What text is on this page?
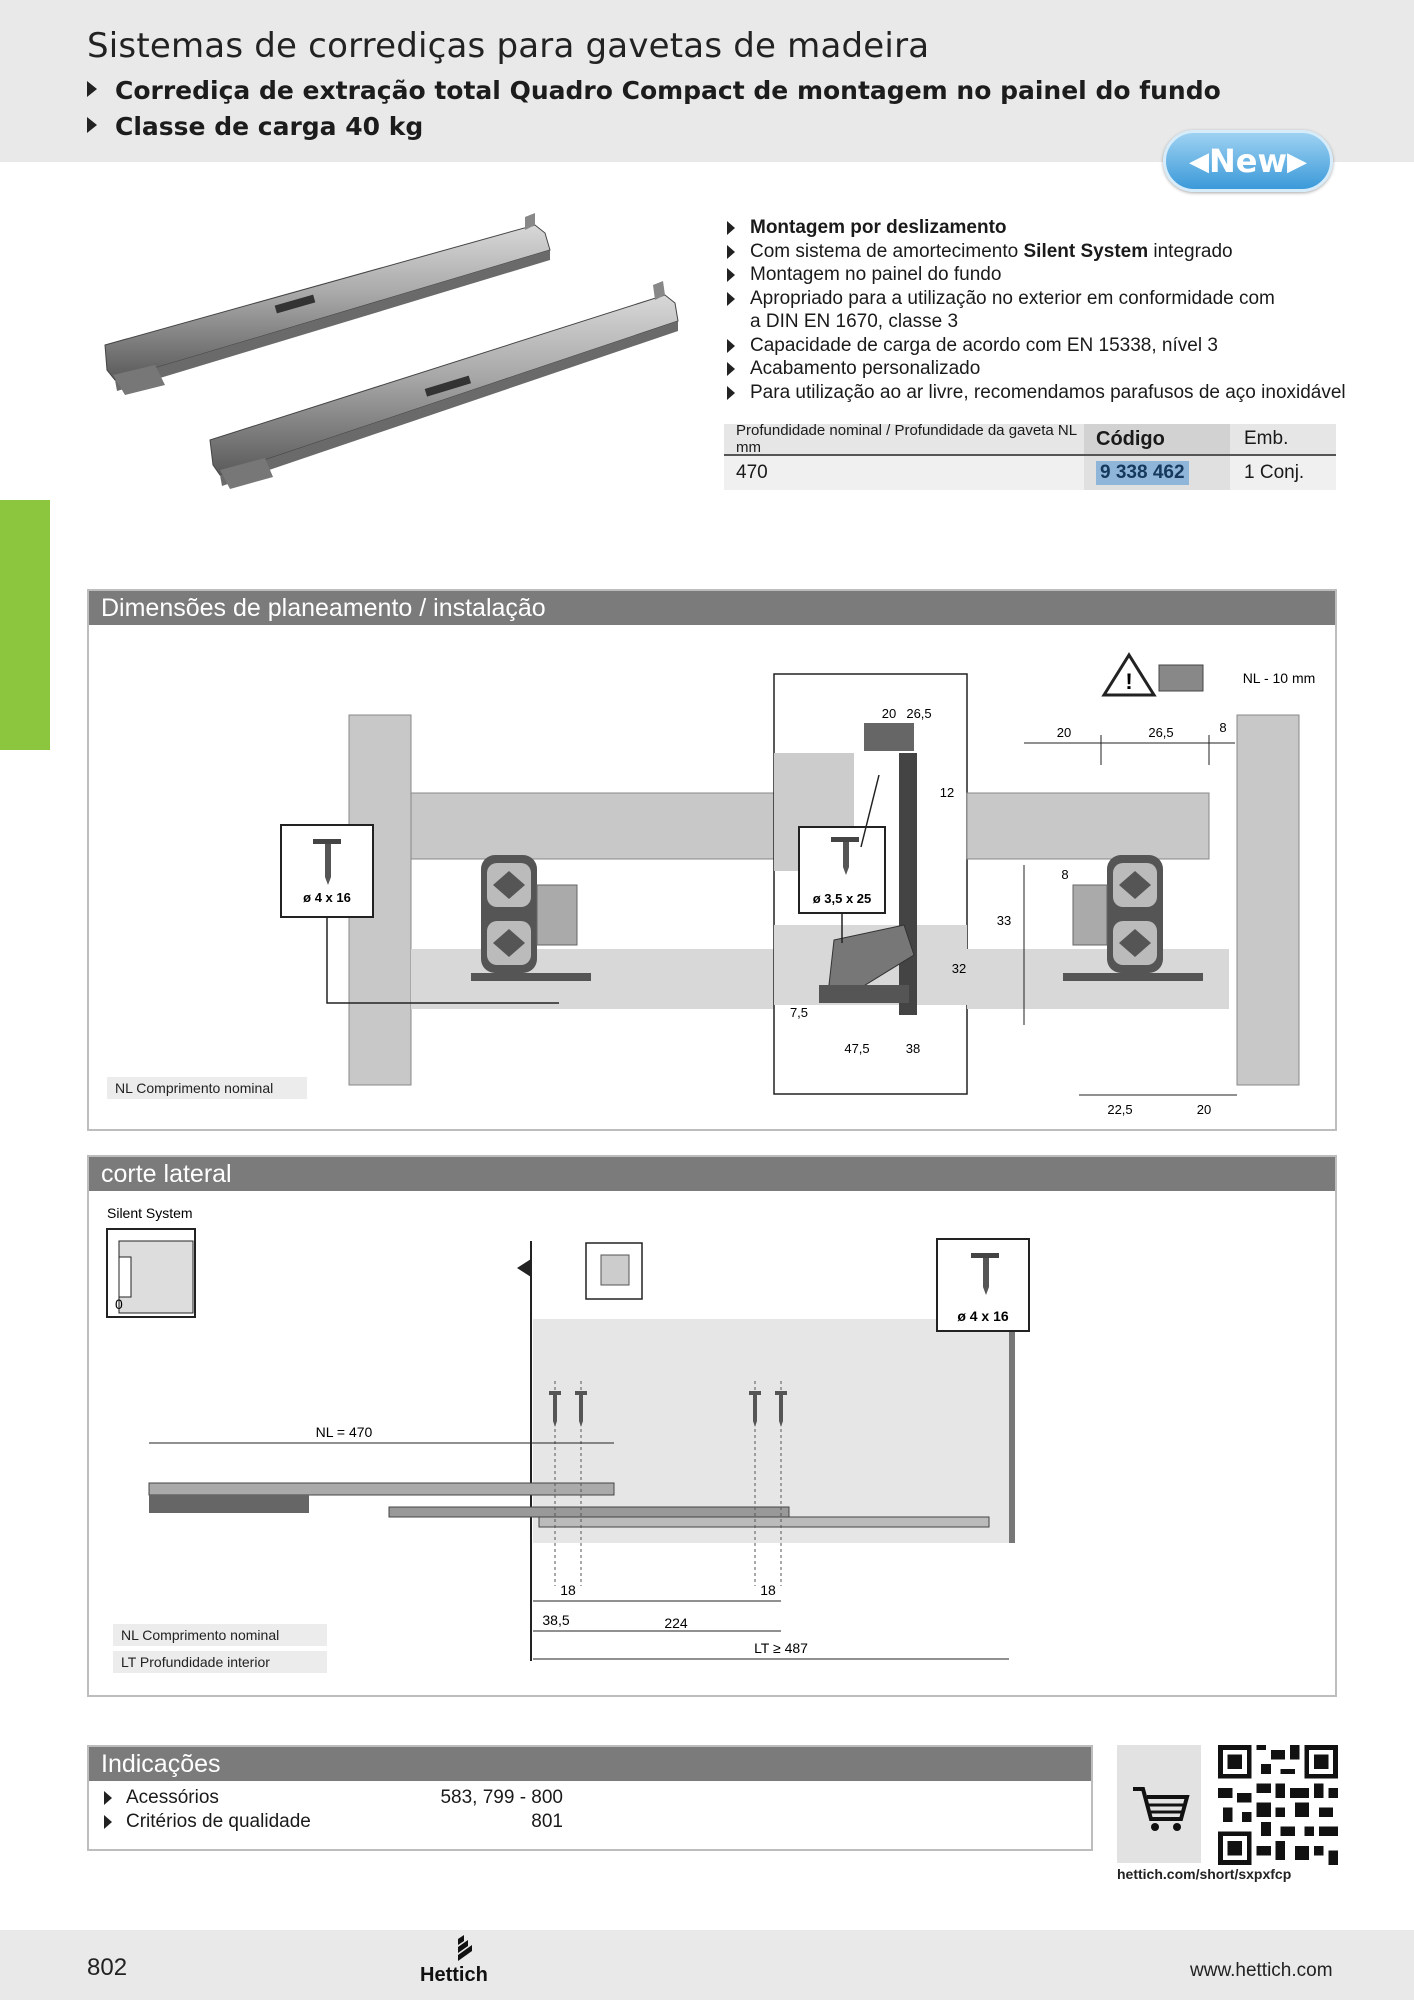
Sistemas de corrediças para gavetas de madeira
Corrediça de extração total Quadro Compact de montagem no painel do fundo
Classe de carga 40 kg
◀New▶
Montagem por deslizamento
Com sistema de amortecimento Silent System integrado
Montagem no painel do fundo
Apropriado para a utilização no exterior em conformidade com
a DIN EN 1670, classe 3
Capacidade de carga de acordo com EN 15338, nível 3
Acabamento personalizado
Para utilização ao ar livre, recomendamos parafusos de aço inoxidável
Profundidade nominal / Profundidade da gaveta NL mm	Código	Emb.
470	9 338 462	1 Conj.
Dimensões de planeamento / instalação
ø 4 x 16	ø 3,5 x 25
20 26,5
12
32
7,5
47,5	38
20	26,5	8
33
8
22,5	20
!	NL - 10 mm
NL Comprimento nominal
corte lateral
Silent System
0
NL = 470
18	18
38,5	224
LT ≥ 487
ø 4 x 16
NL Comprimento nominal
LT Profundidade interior
Indicações
Acessórios	583, 799 - 800
Critérios de qualidade	801
hettich.com/short/sxpxfcp
802	Hettich	www.hettich.com
